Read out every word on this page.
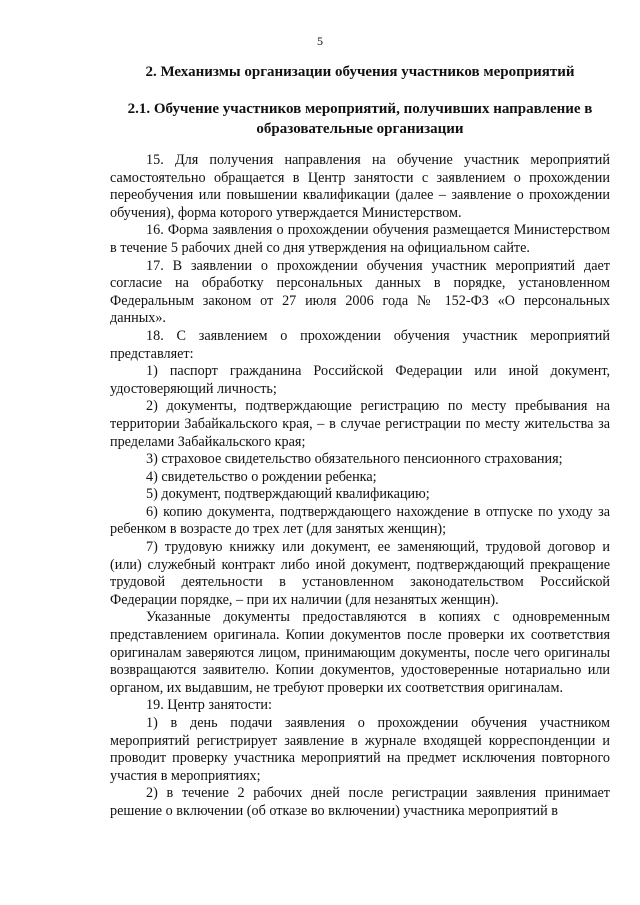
5
2. Механизмы организации обучения участников мероприятий
2.1. Обучение участников мероприятий, получивших направление в образовательные организации

15. Для получения направления на обучение участник мероприятий самостоятельно обращается в Центр занятости с заявлением о прохождении переобучения или повышении квалификации (далее – заявление о прохождении обучения), форма которого утверждается Министерством.

16. Форма заявления о прохождении обучения размещается Министерством в течение 5 рабочих дней со дня утверждения на официальном сайте.

17. В заявлении о прохождении обучения участник мероприятий дает согласие на обработку персональных данных в порядке, установленном Федеральным законом от 27 июля 2006 года № 152-ФЗ «О персональных данных».

18. С заявлением о прохождении обучения участник мероприятий представляет:

1) паспорт гражданина Российской Федерации или иной документ, удостоверяющий личность;

2) документы, подтверждающие регистрацию по месту пребывания на территории Забайкальского края, – в случае регистрации по месту жительства за пределами Забайкальского края;

3) страховое свидетельство обязательного пенсионного страхования;

4) свидетельство о рождении ребенка;

5) документ, подтверждающий квалификацию;

6) копию документа, подтверждающего нахождение в отпуске по уходу за ребенком в возрасте до трех лет (для занятых женщин);

7) трудовую книжку или документ, ее заменяющий, трудовой договор и (или) служебный контракт либо иной документ, подтверждающий прекращение трудовой деятельности в установленном законодательством Российской Федерации порядке, – при их наличии (для незанятых женщин).

Указанные документы предоставляются в копиях с одновременным представлением оригинала. Копии документов после проверки их соответствия оригиналам заверяются лицом, принимающим документы, после чего оригиналы возвращаются заявителю. Копии документов, удостоверенные нотариально или органом, их выдавшим, не требуют проверки их соответствия оригиналам.

19. Центр занятости:

1) в день подачи заявления о прохождении обучения участником мероприятий регистрирует заявление в журнале входящей корреспонденции и проводит проверку участника мероприятий на предмет исключения повторного участия в мероприятиях;

2) в течение 2 рабочих дней после регистрации заявления принимает решение о включении (об отказе во включении) участника мероприятий в
